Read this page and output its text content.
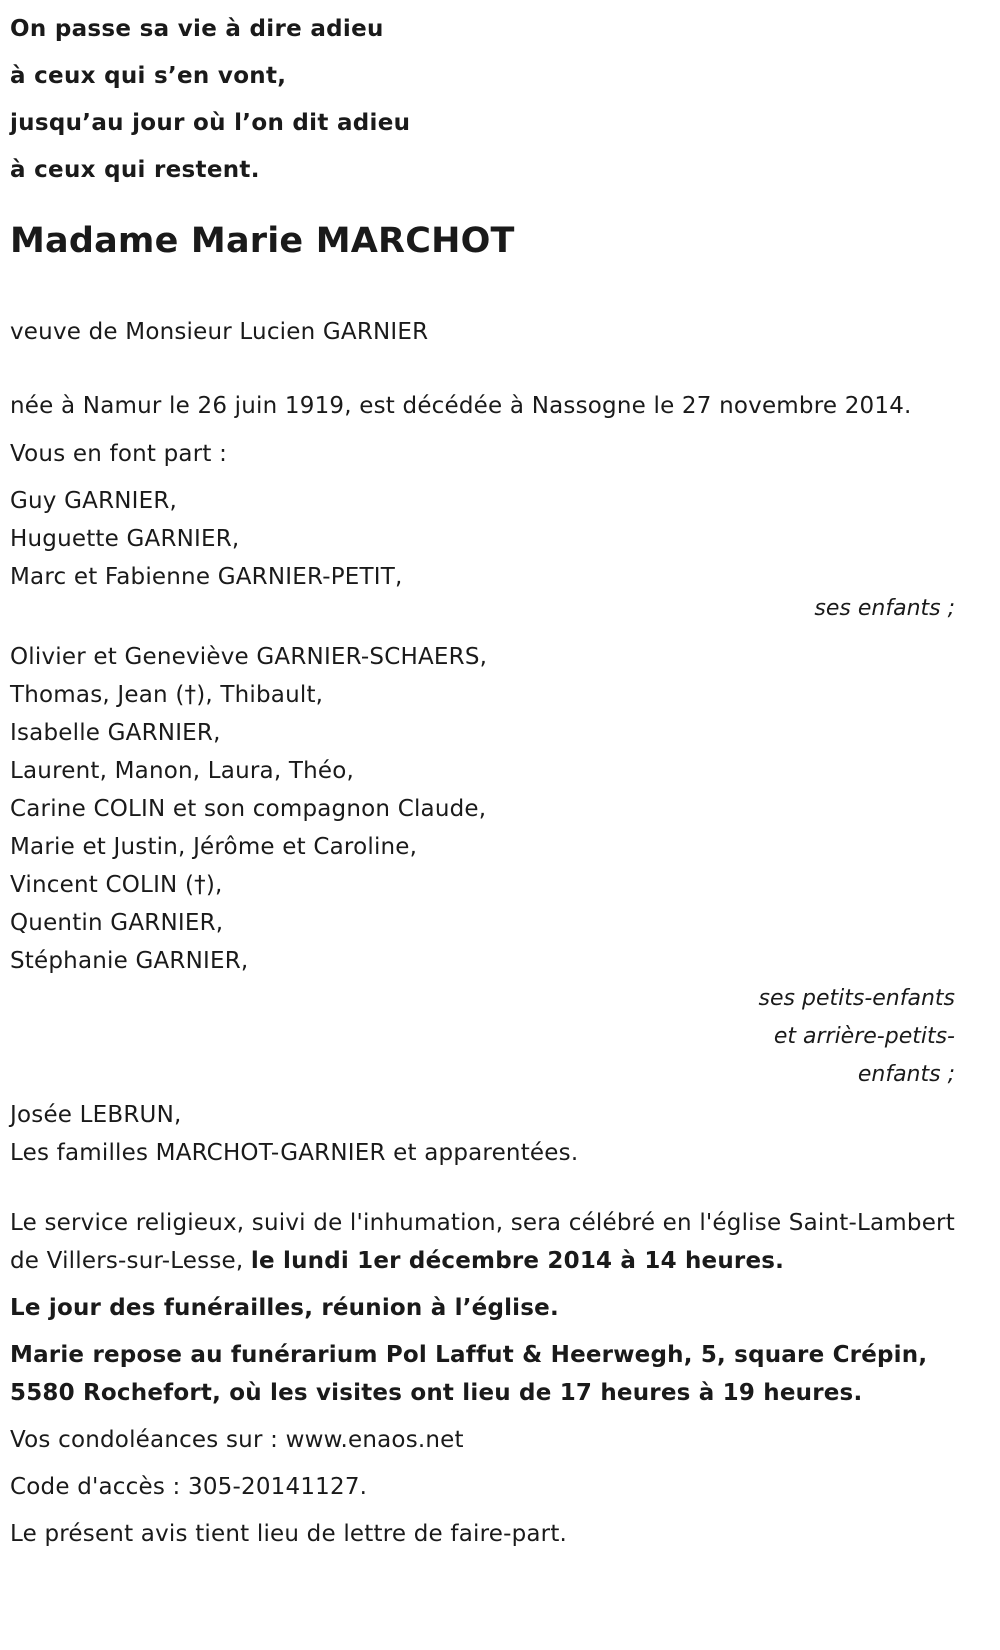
On passe sa vie à dire adieu

à ceux qui s’en vont,

jusqu’au jour où l’on dit adieu

à ceux qui restent.

Madame Marie MARCHOT

veuve de Monsieur Lucien GARNIER

née à Namur le 26 juin 1919, est décédée à Nassogne le 27 novembre 2014.

Vous en font part :

Guy GARNIER,

Huguette GARNIER,

Marc et Fabienne GARNIER-PETIT,

ses enfants ;

Olivier et Geneviève GARNIER-SCHAERS,

Thomas, Jean (†), Thibault,

Isabelle GARNIER,

Laurent, Manon, Laura, Théo,

Carine COLIN et son compagnon Claude,

Marie et Justin, Jérôme et Caroline,

Vincent COLIN (†),

Quentin GARNIER,

Stéphanie GARNIER,

ses petits-enfants

et arrière-petits-

enfants ;

Josée LEBRUN,

Les familles MARCHOT-GARNIER et apparentées.

Le service religieux, suivi de l'inhumation, sera célébré en l'église Saint-Lambert de Villers-sur-Lesse, le lundi 1er décembre 2014 à 14 heures.

Le jour des funérailles, réunion à l’église.

Marie repose au funérarium Pol Laffut & Heerwegh, 5, square Crépin, 5580 Rochefort, où les visites ont lieu de 17 heures à 19 heures.

Vos condoléances sur : www.enaos.net

Code d'accès : 305-20141127.

Le présent avis tient lieu de lettre de faire-part.
